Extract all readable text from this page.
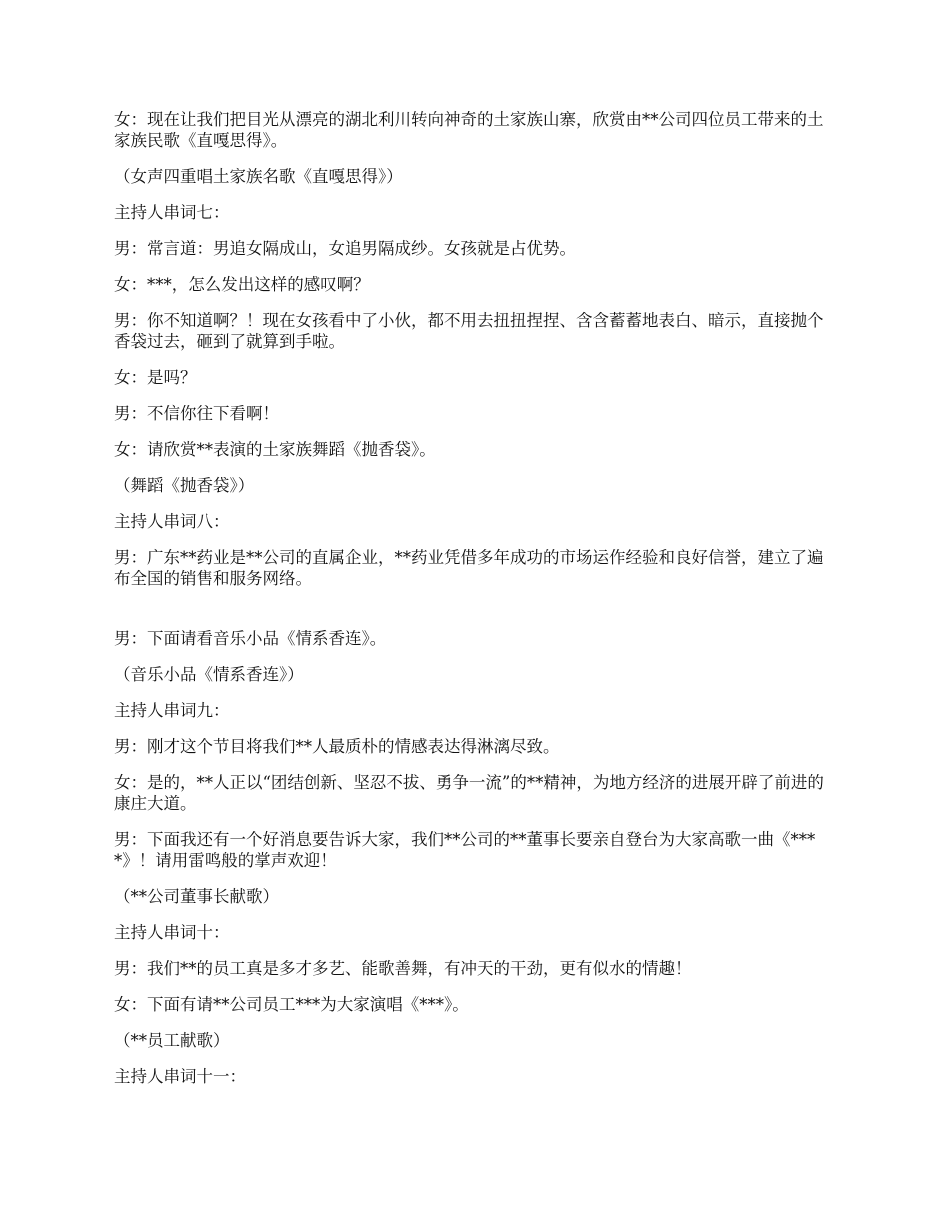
女：现在让我们把目光从漂亮的湖北利川转向神奇的土家族山寨，欣赏由**公司四位员工带来的土家族民歌《直嘎思得》。

（女声四重唱土家族名歌《直嘎思得》）

主持人串词七：

男：常言道：男追女隔成山，女追男隔成纱。女孩就是占优势。

女：***，怎么发出这样的感叹啊？

男：你不知道啊？！现在女孩看中了小伙，都不用去扭扭捏捏、含含蓄蓄地表白、暗示，直接抛个香袋过去，砸到了就算到手啦。

女：是吗？

男：不信你往下看啊！

女：请欣赏**表演的土家族舞蹈《抛香袋》。

（舞蹈《抛香袋》）

主持人串词八：

男：广东**药业是**公司的直属企业，**药业凭借多年成功的市场运作经验和良好信誉，建立了遍布全国的销售和服务网络。

男：下面请看音乐小品《情系香连》。

（音乐小品《情系香连》）

主持人串词九：

男：刚才这个节目将我们**人最质朴的情感表达得淋漓尽致。

女：是的，**人正以“团结创新、坚忍不拔、勇争一流”的**精神，为地方经济的进展开辟了前进的康庄大道。

男：下面我还有一个好消息要告诉大家，我们**公司的**董事长要亲自登台为大家高歌一曲《****》！请用雷鸣般的掌声欢迎！

（**公司董事长献歌）

主持人串词十：

男：我们**的员工真是多才多艺、能歌善舞，有冲天的干劲，更有似水的情趣！

女：下面有请**公司员工***为大家演唱《***》。

（**员工献歌）

主持人串词十一：
